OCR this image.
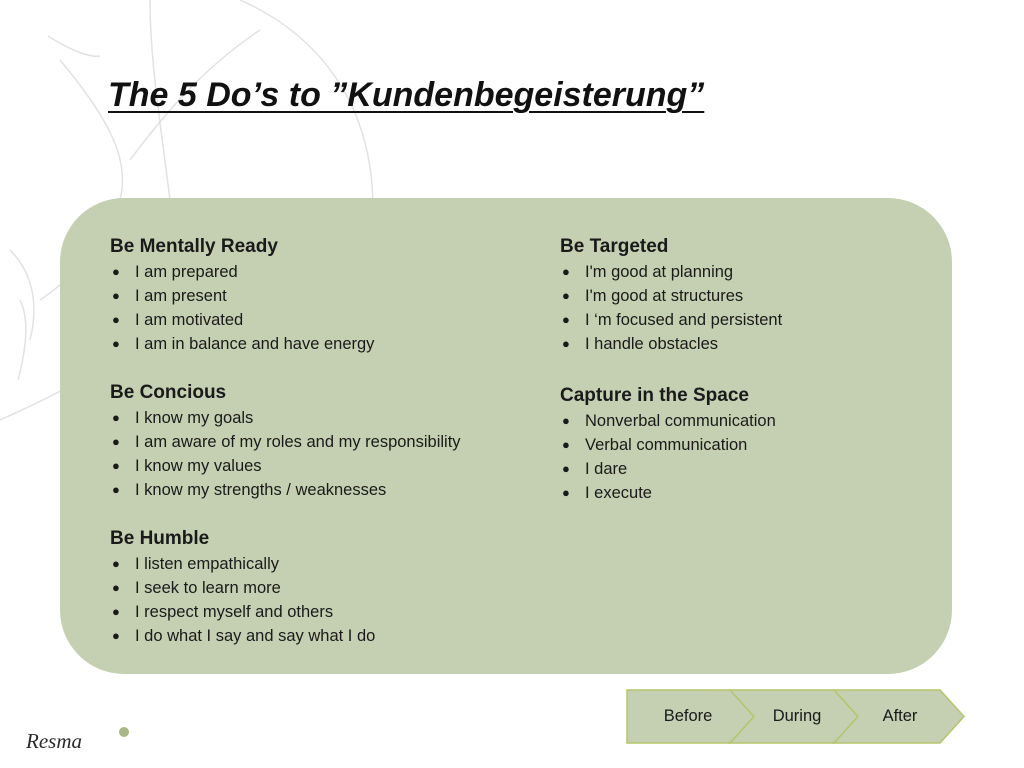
The 5 Do’s to ”Kundenbegeisterung”
Be Mentally Ready
● I am prepared
● I am present
● I am motivated
● I am in balance and have energy
Be Concious
● I know my goals
● I am aware of my roles and my responsibility
● I know my values
● I know my strengths / weaknesses
Be Humble
● I listen empathically
● I seek to learn more
● I respect myself and others
● I do what I say and say what I do
Be Targeted
● I'm good at planning
● I'm good at structures
● I ‘m focused and persistent
● I handle obstacles
Capture in the Space
● Nonverbal communication
● Verbal communication
● I dare
● I execute
Before	During	After
Resma
